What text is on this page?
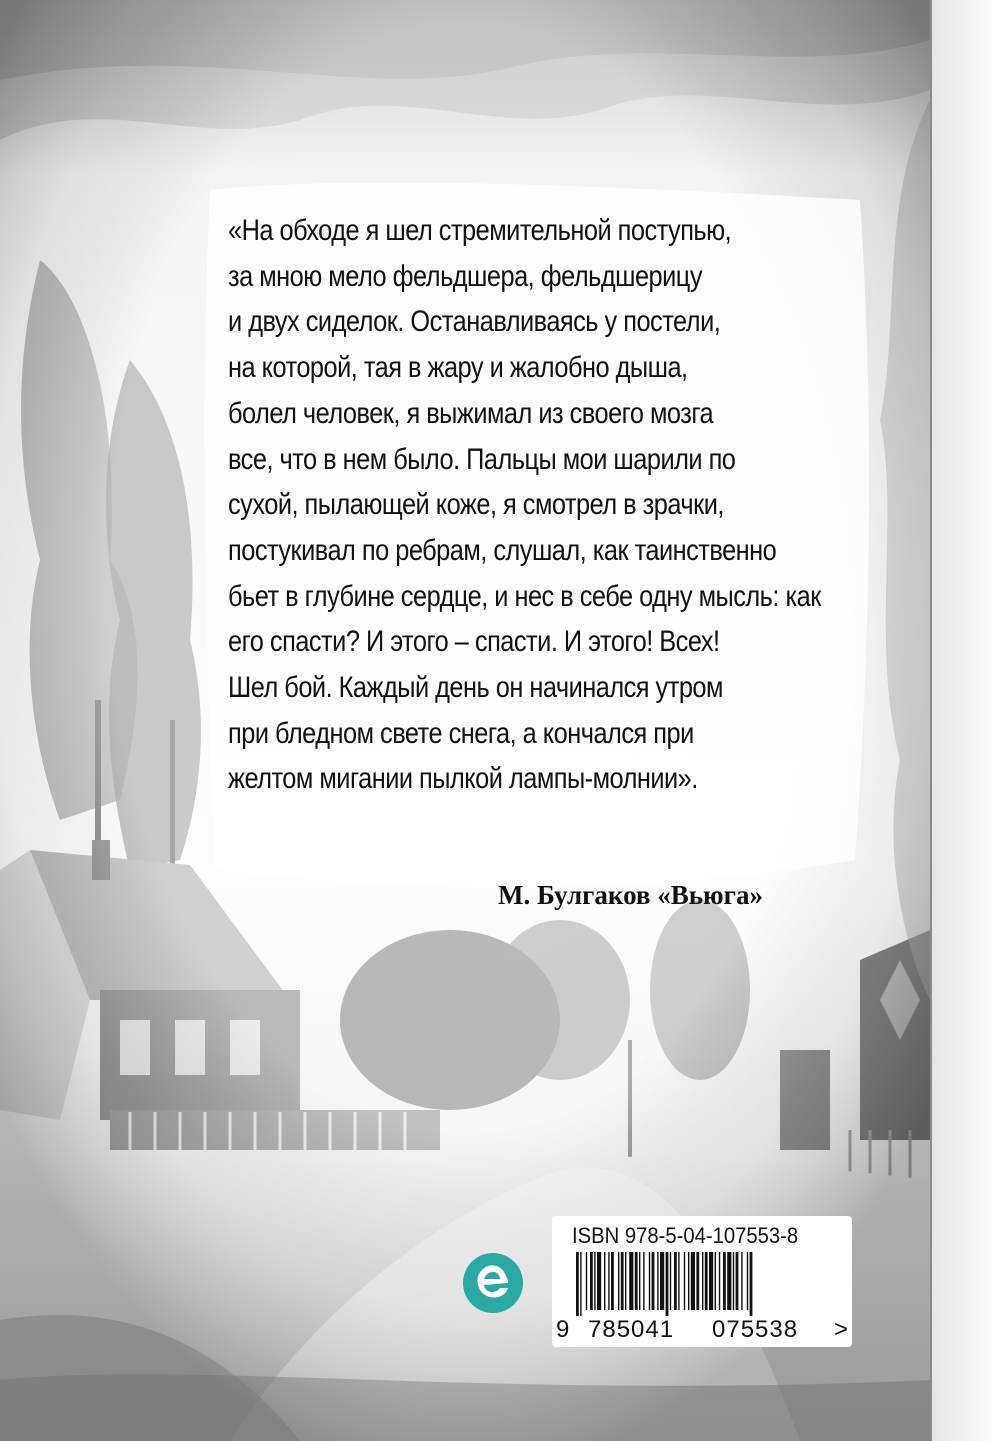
«На обходе я шел стремительной поступью,
за мною мело фельдшера, фельдшерицу
и двух сиделок. Останавливаясь у постели,
на которой, тая в жару и жалобно дыша,
болел человек, я выжимал из своего мозга
все, что в нем было. Пальцы мои шарили по
сухой, пылающей коже, я смотрел в зрачки,
постукивал по ребрам, слушал, как таинственно
бьет в глубине сердце, и нес в себе одну мысль: как
его спасти? И этого – спасти. И этого! Всех!
Шел бой. Каждый день он начинался утром
при бледном свете снега, а кончался при
желтом мигании пылкой лампы-молнии».
М. Булгаков «Вьюга»
ISBN 978-5-04-107553-8
9 785041 075538 >
